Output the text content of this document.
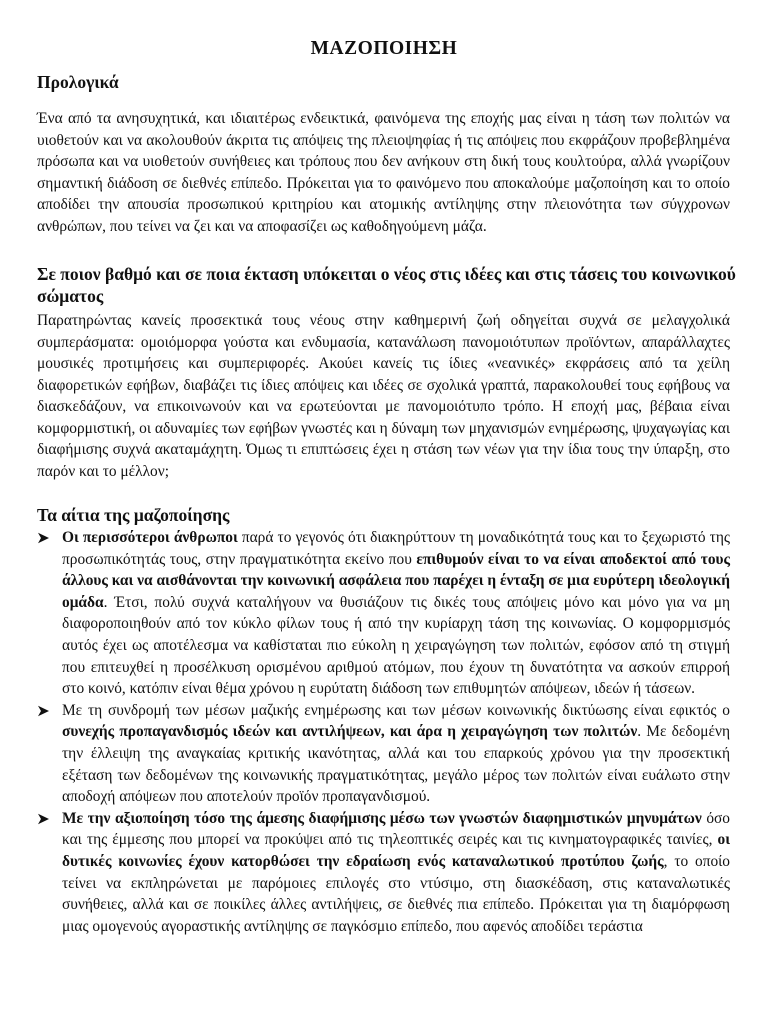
ΜΑΖΟΠΟΙΗΣΗ
Προλογικά

Ένα από τα ανησυχητικά, και ιδιαιτέρως ενδεικτικά, φαινόμενα της εποχής μας είναι η τάση των πολιτών να υιοθετούν και να ακολουθούν άκριτα τις απόψεις της πλειοψηφίας ή τις απόψεις που εκφράζουν προβεβλημένα πρόσωπα και να υιοθετούν συνήθειες και τρόπους που δεν ανήκουν στη δική τους κουλτούρα, αλλά γνωρίζουν σημαντική διάδοση σε διεθνές επίπεδο. Πρόκειται για το φαινόμενο που αποκαλούμε μαζοποίηση και το οποίο αποδίδει την απουσία προσωπικού κριτηρίου και ατομικής αντίληψης στην πλειονότητα των σύγχρονων ανθρώπων, που τείνει να ζει και να αποφασίζει ως καθοδηγούμενη μάζα.

Σε ποιον βαθμό και σε ποια έκταση υπόκειται ο νέος στις ιδέες και στις τάσεις του κοινωνικού σώματος

Παρατηρώντας κανείς προσεκτικά τους νέους στην καθημερινή ζωή οδηγείται συχνά σε μελαγχολικά συμπεράσματα: ομοιόμορφα γούστα και ενδυμασία, κατανάλωση πανομοιότυπων προϊόντων, απαράλλαχτες μουσικές προτιμήσεις και συμπεριφορές. Ακούει κανείς τις ίδιες «νεανικές» εκφράσεις από τα χείλη διαφορετικών εφήβων, διαβάζει τις ίδιες απόψεις και ιδέες σε σχολικά γραπτά, παρακολουθεί τους εφήβους να διασκεδάζουν, να επικοινωνούν και να ερωτεύονται με πανομοιότυπο τρόπο. Η εποχή μας, βέβαια είναι κομφορμιστική, οι αδυναμίες των εφήβων γνωστές και η δύναμη των μηχανισμών ενημέρωσης, ψυχαγωγίας και διαφήμισης συχνά ακαταμάχητη. Όμως τι επιπτώσεις έχει η στάση των νέων για την ίδια τους την ύπαρξη, στο παρόν και το μέλλον;

Τα αίτια της μαζοποίησης
Οι περισσότεροι άνθρωποι παρά το γεγονός ότι διακηρύττουν τη μοναδικότητά τους και το ξεχωριστό της προσωπικότητάς τους, στην πραγματικότητα εκείνο που επιθυμούν είναι το να είναι αποδεκτοί από τους άλλους και να αισθάνονται την κοινωνική ασφάλεια που παρέχει η ένταξη σε μια ευρύτερη ιδεολογική ομάδα. Έτσι, πολύ συχνά καταλήγουν να θυσιάζουν τις δικές τους απόψεις μόνο και μόνο για να μη διαφοροποιηθούν από τον κύκλο φίλων τους ή από την κυρίαρχη τάση της κοινωνίας. Ο κομφορμισμός αυτός έχει ως αποτέλεσμα να καθίσταται πιο εύκολη η χειραγώγηση των πολιτών, εφόσον από τη στιγμή που επιτευχθεί η προσέλκυση ορισμένου αριθμού ατόμων, που έχουν τη δυνατότητα να ασκούν επιρροή στο κοινό, κατόπιν είναι θέμα χρόνου η ευρύτατη διάδοση των επιθυμητών απόψεων, ιδεών ή τάσεων.
Με τη συνδρομή των μέσων μαζικής ενημέρωσης και των μέσων κοινωνικής δικτύωσης είναι εφικτός ο συνεχής προπαγανδισμός ιδεών και αντιλήψεων, και άρα η χειραγώγηση των πολιτών. Με δεδομένη την έλλειψη της αναγκαίας κριτικής ικανότητας, αλλά και του επαρκούς χρόνου για την προσεκτική εξέταση των δεδομένων της κοινωνικής πραγματικότητας, μεγάλο μέρος των πολιτών είναι ευάλωτο στην αποδοχή απόψεων που αποτελούν προϊόν προπαγανδισμού.
Με την αξιοποίηση τόσο της άμεσης διαφήμισης μέσω των γνωστών διαφημιστικών μηνυμάτων όσο και της έμμεσης που μπορεί να προκύψει από τις τηλεοπτικές σειρές και τις κινηματογραφικές ταινίες, οι δυτικές κοινωνίες έχουν κατορθώσει την εδραίωση ενός καταναλωτικού προτύπου ζωής, το οποίο τείνει να εκπληρώνεται με παρόμοιες επιλογές στο ντύσιμο, στη διασκέδαση, στις καταναλωτικές συνήθειες, αλλά και σε ποικίλες άλλες αντιλήψεις, σε διεθνές πια επίπεδο. Πρόκειται για τη διαμόρφωση μιας ομογενούς αγοραστικής αντίληψης σε παγκόσμιο επίπεδο, που αφενός αποδίδει τεράστια
